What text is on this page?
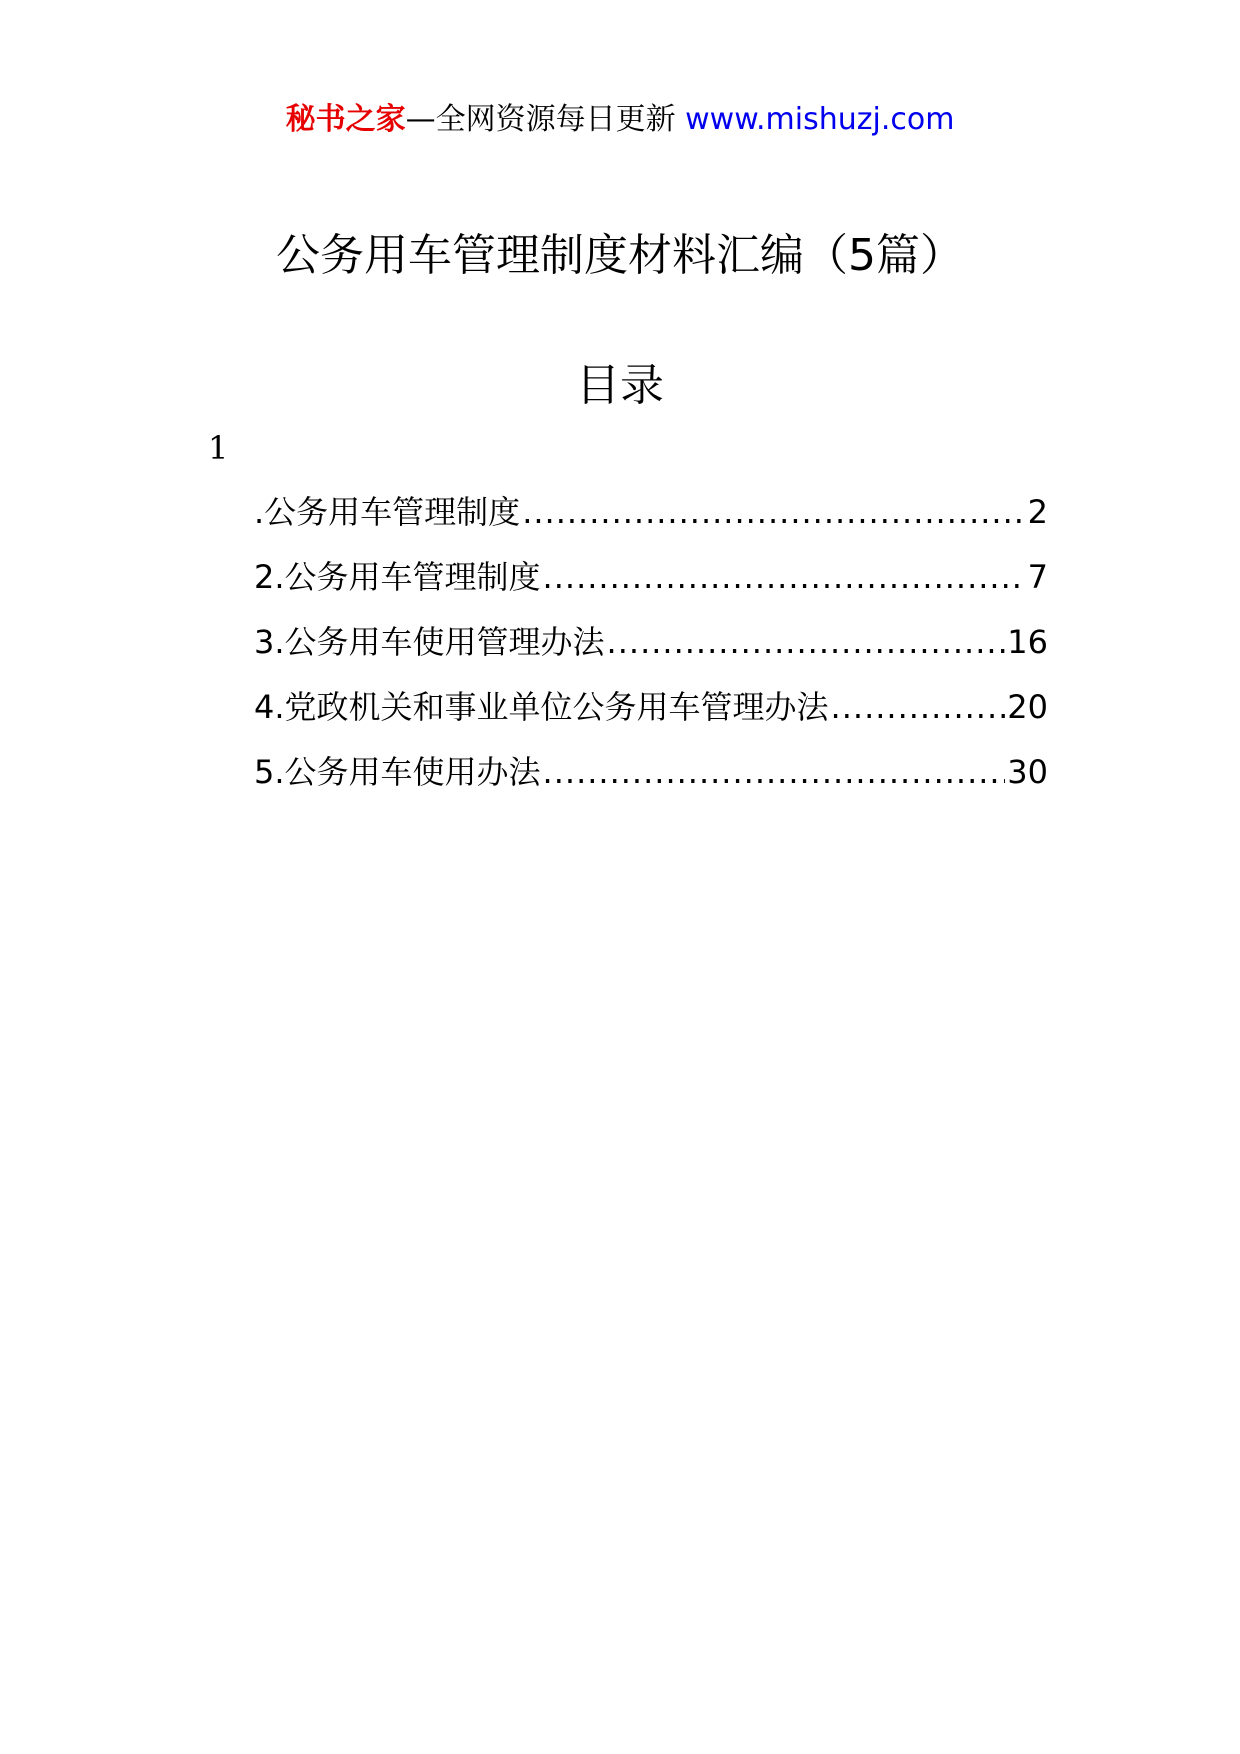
秘书之家—全网资源每日更新 www.mishuzj.com
公务用车管理制度材料汇编（5篇）
目录
1
.公务用车管理制度 .....	2
2.公务用车管理制度 .....	7
3.公务用车使用管理办法 .....	16
4.党政机关和事业单位公务用车管理办法 .....	20
5.公务用车使用办法 .....	30
